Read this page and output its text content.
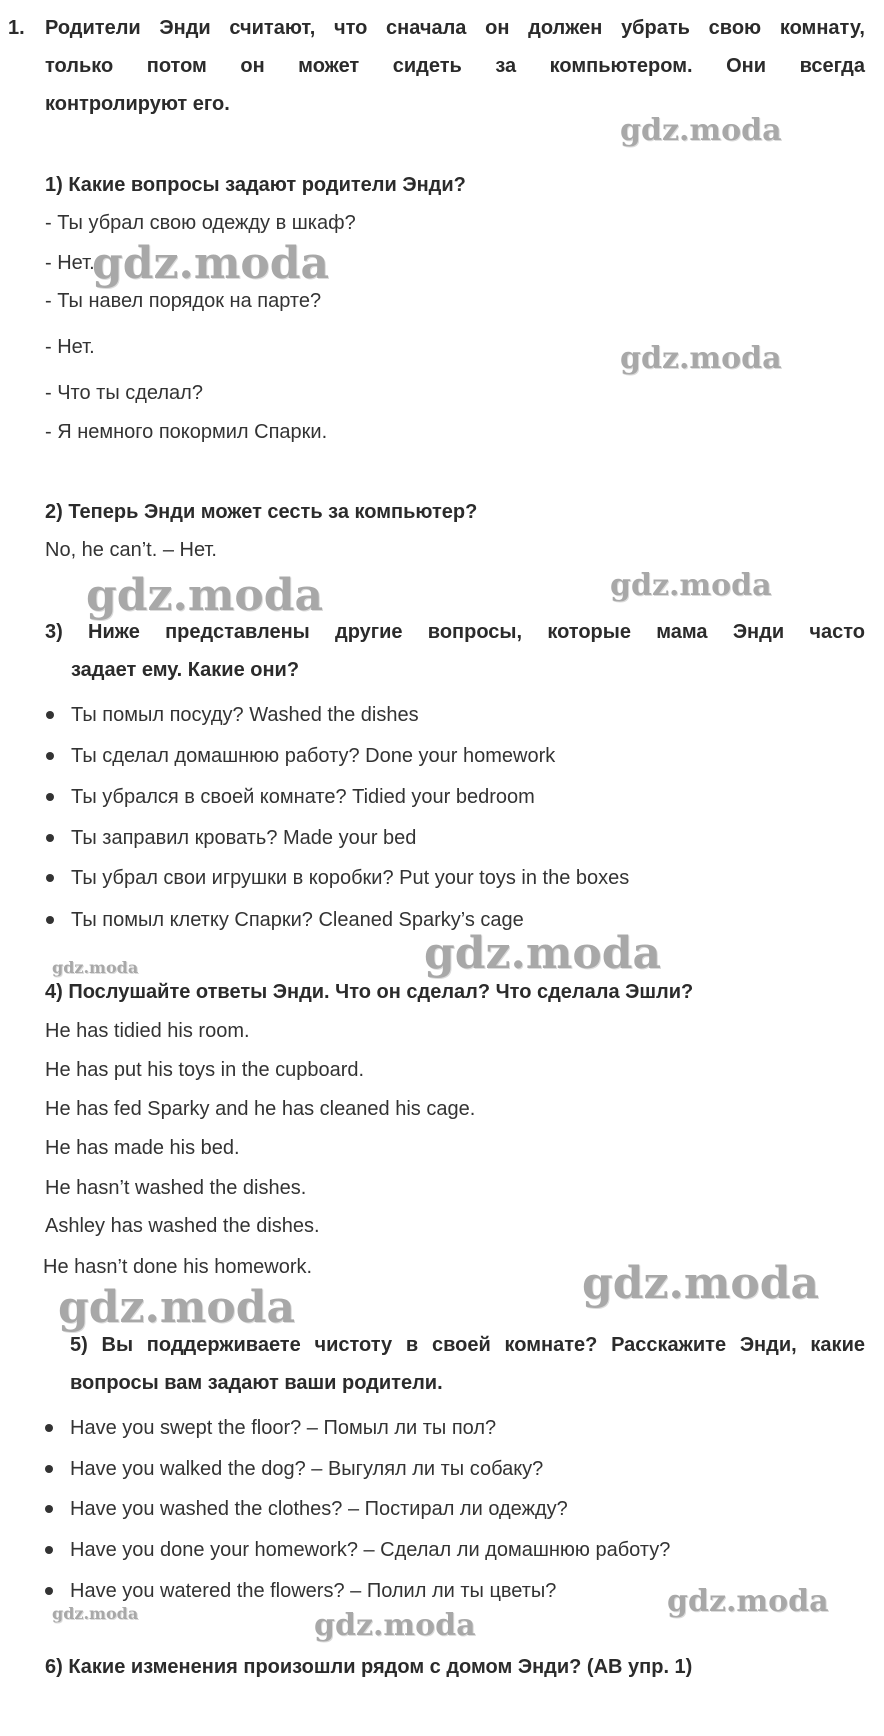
1. Родители Энди считают, что сначала он должен убрать свою комнату,

только потом он может сидеть за компьютером. Они всегда

контролируют его.

1) Какие вопросы задают родители Энди?

- Ты убрал свою одежду в шкаф?

- Нет.

- Ты навел порядок на парте?

- Нет.

- Что ты сделал?

- Я немного покормил Спарки.

2) Теперь Энди может сесть за компьютер?

No, he can’t. – Нет.

3) Ниже представлены другие вопросы, которые мама Энди часто

задает ему. Какие они?

Ты помыл посуду? Washed the dishes

Ты сделал домашнюю работу? Done your homework

Ты убрался в своей комнате? Tidied your bedroom

Ты заправил кровать? Made your bed

Ты убрал свои игрушки в коробки? Put your toys in the boxes

Ты помыл клетку Спарки? Cleaned Sparky’s cage

4) Послушайте ответы Энди. Что он сделал? Что сделала Эшли?

He has tidied his room.

He has put his toys in the cupboard.

He has fed Sparky and he has cleaned his cage.

He has made his bed.

He hasn’t washed the dishes.

Ashley has washed the dishes.

He hasn’t done his homework.

5) Вы поддерживаете чистоту в своей комнате? Расскажите Энди, какие

вопросы вам задают ваши родители.

Have you swept the floor? – Помыл ли ты пол?

Have you walked the dog? – Выгулял ли ты собаку?

Have you washed the clothes? – Постирал ли одежду?

Have you done your homework? – Сделал ли домашнюю работу?

Have you watered the flowers? – Полил ли ты цветы?

6) Какие изменения произошли рядом с домом Энди? (АВ упр. 1)

gdz.moda
gdz.moda
gdz.moda
gdz.moda	gdz.moda
gdz.moda	gdz.moda
gdz.moda	gdz.moda
gdz.moda	gdz.moda
gdz.moda
